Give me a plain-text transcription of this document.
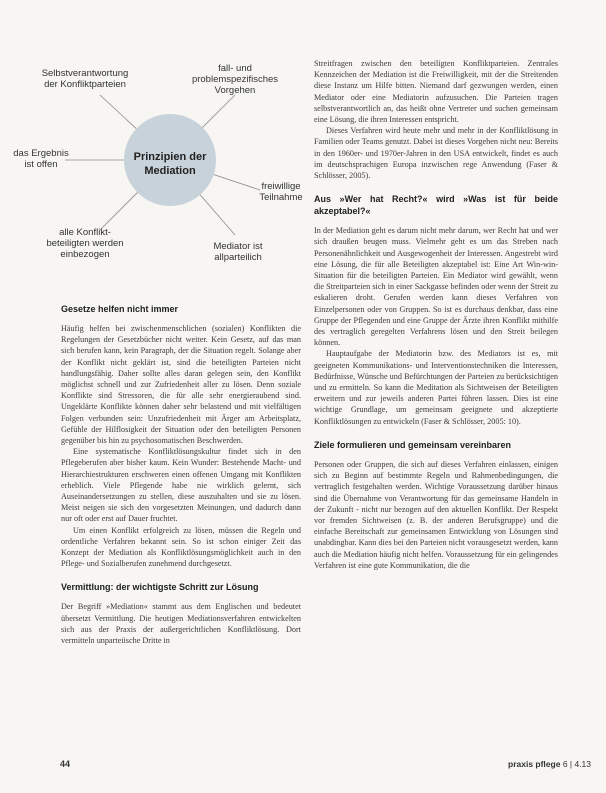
Prinzipien der Mediation
Selbstverantwortung der Konfliktparteien
fall- und problemspezifisches Vorgehen
freiwillige Teilnahme
Mediator ist allparteilich
alle Konflikt-beteiligten werden einbezogen
das Ergebnis ist offen
Gesetze helfen nicht immer

Häufig helfen bei zwischenmenschlichen (sozialen) Konflikten die Regelungen der Gesetzbücher nicht weiter. Kein Gesetz, auf das man sich berufen kann, kein Paragraph, der die Situation regelt. Solange aber der Konflikt nicht geklärt ist, sind die beteiligten Parteien nicht handlungsfähig. Daher sollte alles daran gelegen sein, den Konflikt möglichst schnell und zur Zufriedenheit aller zu lösen. Denn soziale Konflikte sind Stressoren, die für alle sehr energieraubend sind. Ungeklärte Konflikte können daher sehr belastend und mit vielfältigen Folgen verbunden sein: Unzufriedenheit mit Ärger am Arbeitsplatz, Gefühle der Hilflosigkeit der Situation oder den beteiligten Personen gegenüber bis hin zu psychosomatischen Beschwerden.

Eine systematische Konfliktlösungskultur findet sich in den Pflegeberufen aber bisher kaum. Kein Wunder: Bestehende Macht- und Hierarchiestrukturen erschweren einen offenen Umgang mit Konflikten erheblich. Viele Pflegende habe nie wirklich gelernt, sich Auseinandersetzungen zu stellen, diese auszuhalten und sie zu lösen. Meist neigen sie sich den vorgesetzten Meinungen, und dadurch dann nur oft oder erst auf Dauer fruchtet.

Um einen Konflikt erfolgreich zu lösen, müssen die Regeln und ordentliche Verfahren bekannt sein. So ist schon einiger Zeit das Konzept der Mediation als Konfliktlösungsmöglichkeit auch in den Pflege- und Sozialberufen zunehmend durchgesetzt.

Vermittlung: der wichtigste Schritt zur Lösung

Der Begriff »Mediation« stammt aus dem Englischen und bedeutet übersetzt Vermittlung. Die heutigen Mediationsverfahren entwickelten sich aus der Praxis der außergerichtlichen Konfliktlösung. Dort vermitteln unparteiische Dritte in

Streitfragen zwischen den beteiligten Konfliktparteien. Zentrales Kennzeichen der Mediation ist die Freiwilligkeit, mit der die Streitenden diese Instanz um Hilfe bitten. Niemand darf gezwungen werden, einen Mediator oder eine Mediatorin aufzusuchen. Die Parteien tragen selbstverantwortlich an, das heißt ohne Vertreter und suchen gemeinsam eine Lösung, die ihren Interessen entspricht.

Dieses Verfahren wird heute mehr und mehr in der Konfliktlösung in Familien oder Teams genutzt. Dabei ist dieses Vorgehen nicht neu: Bereits in den 1960er- und 1970er-Jahren in den USA entwickelt, findet es auch im deutschsprachigen Europa inzwischen rege Anwendung (Faser & Schlösser, 2005).

Aus »Wer hat Recht?« wird »Was ist für beide akzeptabel?«

In der Mediation geht es darum nicht mehr darum, wer Recht hat und wer sich draußen beugen muss. Vielmehr geht es um das Streben nach Personenähnlichkeit und Ausgewogenheit der Interessen. Angestrebt wird eine Lösung, die für alle Beteiligten akzeptabel ist: Eine Art Win-win-Situation für die beteiligten Parteien. Ein Mediator wird gewählt, wenn die Streitparteien sich in einer Sackgasse befinden oder wenn der Streit zu eskalieren droht. Gerufen werden kann dieses Verfahren von Einzelpersonen oder von Gruppen. So ist es durchaus denkbar, dass eine Gruppe der Pflegenden und eine Gruppe der Ärzte ihren Konflikt mithilfe des vertraglich geregelten Verfahrens lösen und den Streit beilegen können.

Hauptaufgabe der Mediatorin bzw. des Mediators ist es, mit geeigneten Kommunikations- und Interventionstechniken die Interessen, Bedürfnisse, Wünsche und Befürchtungen der Parteien zu berücksichtigen und zu ermitteln. So kann die Meditation als Sichtweisen der Beteiligten erweitern und zur jeweils anderen Partei führen lassen. Dies ist eine wichtige Grundlage, um gemeinsam geeignete und akzeptierte Konfliktlösungen zu entwickeln (Faser & Schlösser, 2005: 10).

Ziele formulieren und gemeinsam vereinbaren

Personen oder Gruppen, die sich auf dieses Verfahren einlassen, einigen sich zu Beginn auf bestimmte Regeln und Rahmenbedingungen, die vertraglich festgehalten werden. Wichtige Voraussetzung darüber hinaus sind die Übernahme von Verantwortung für das gemeinsame Handeln in der Zukunft - nicht nur bezogen auf den aktuellen Konflikt. Der Respekt vor fremden Sichtweisen (z. B. der anderen Berufsgruppe) und die einfache Bereitschaft zur gemeinsamen Entwicklung von Lösungen sind unabdingbar. Kann dies bei den Parteien nicht vorausgesetzt werden, kann auch die Mediation häufig nicht helfen. Voraussetzung für ein gelingendes Verfahren ist eine gute Kommunikation, die die

44	praxis pflege 6 | 4.13
